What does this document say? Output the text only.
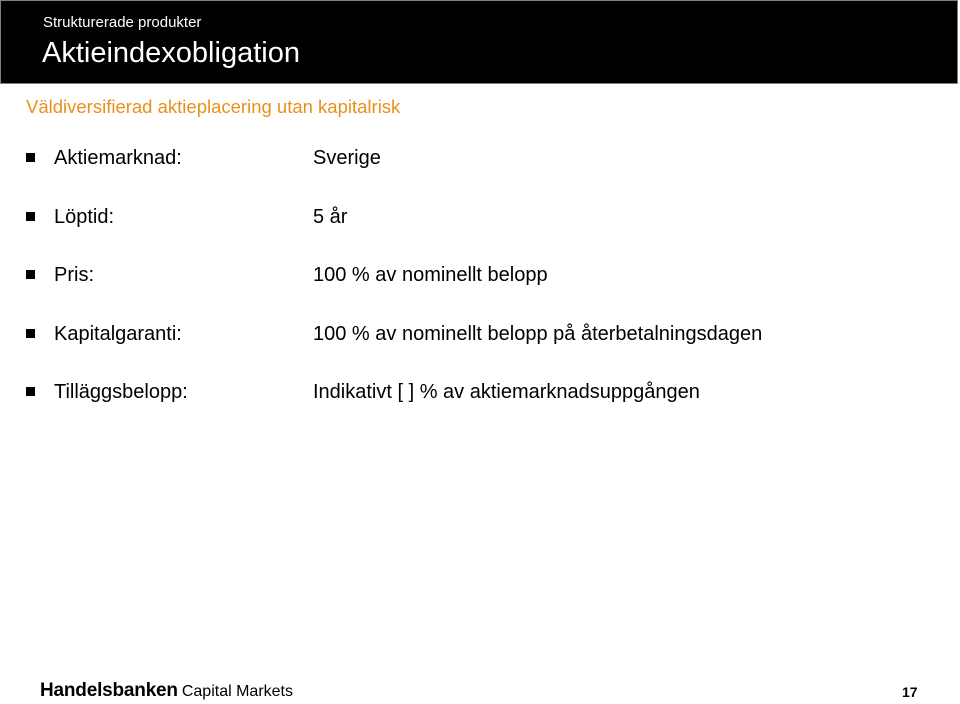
Strukturerade produkter
Aktieindexobligation
Väldiversifierad aktieplacering utan kapitalrisk
Aktiemarknad:	Sverige
Löptid:	5 år
Pris:	100 % av nominellt belopp
Kapitalgaranti:	100 % av nominellt belopp på återbetalningsdagen
Tilläggsbelopp:	Indikativt [ ] % av aktiemarknadsuppgången
Handelsbanken Capital Markets	17
